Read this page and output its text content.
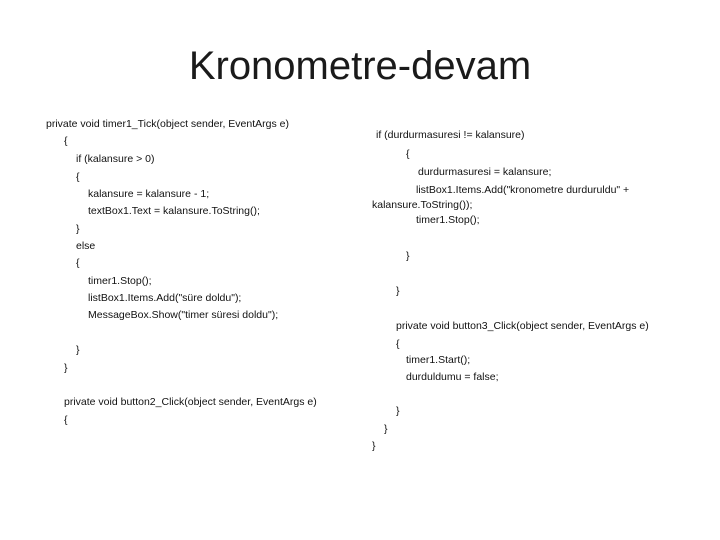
Kronometre-devam
private void timer1_Tick(object sender, EventArgs e)
{
if (kalansure > 0)
{
kalansure = kalansure - 1;
textBox1.Text = kalansure.ToString();
}
else
{
timer1.Stop();
listBox1.Items.Add("süre doldu");
MessageBox.Show("timer süresi doldu");
}
}
private void button2_Click(object sender, EventArgs e)
{
if (durdurmasuresi != kalansure)
{
durdurmasuresi = kalansure;
listBox1.Items.Add("kronometre durduruldu" +
kalansure.ToString());
timer1.Stop();
}
}
private void button3_Click(object sender, EventArgs e)
{
timer1.Start();
durduldumu = false;
}
}
}
